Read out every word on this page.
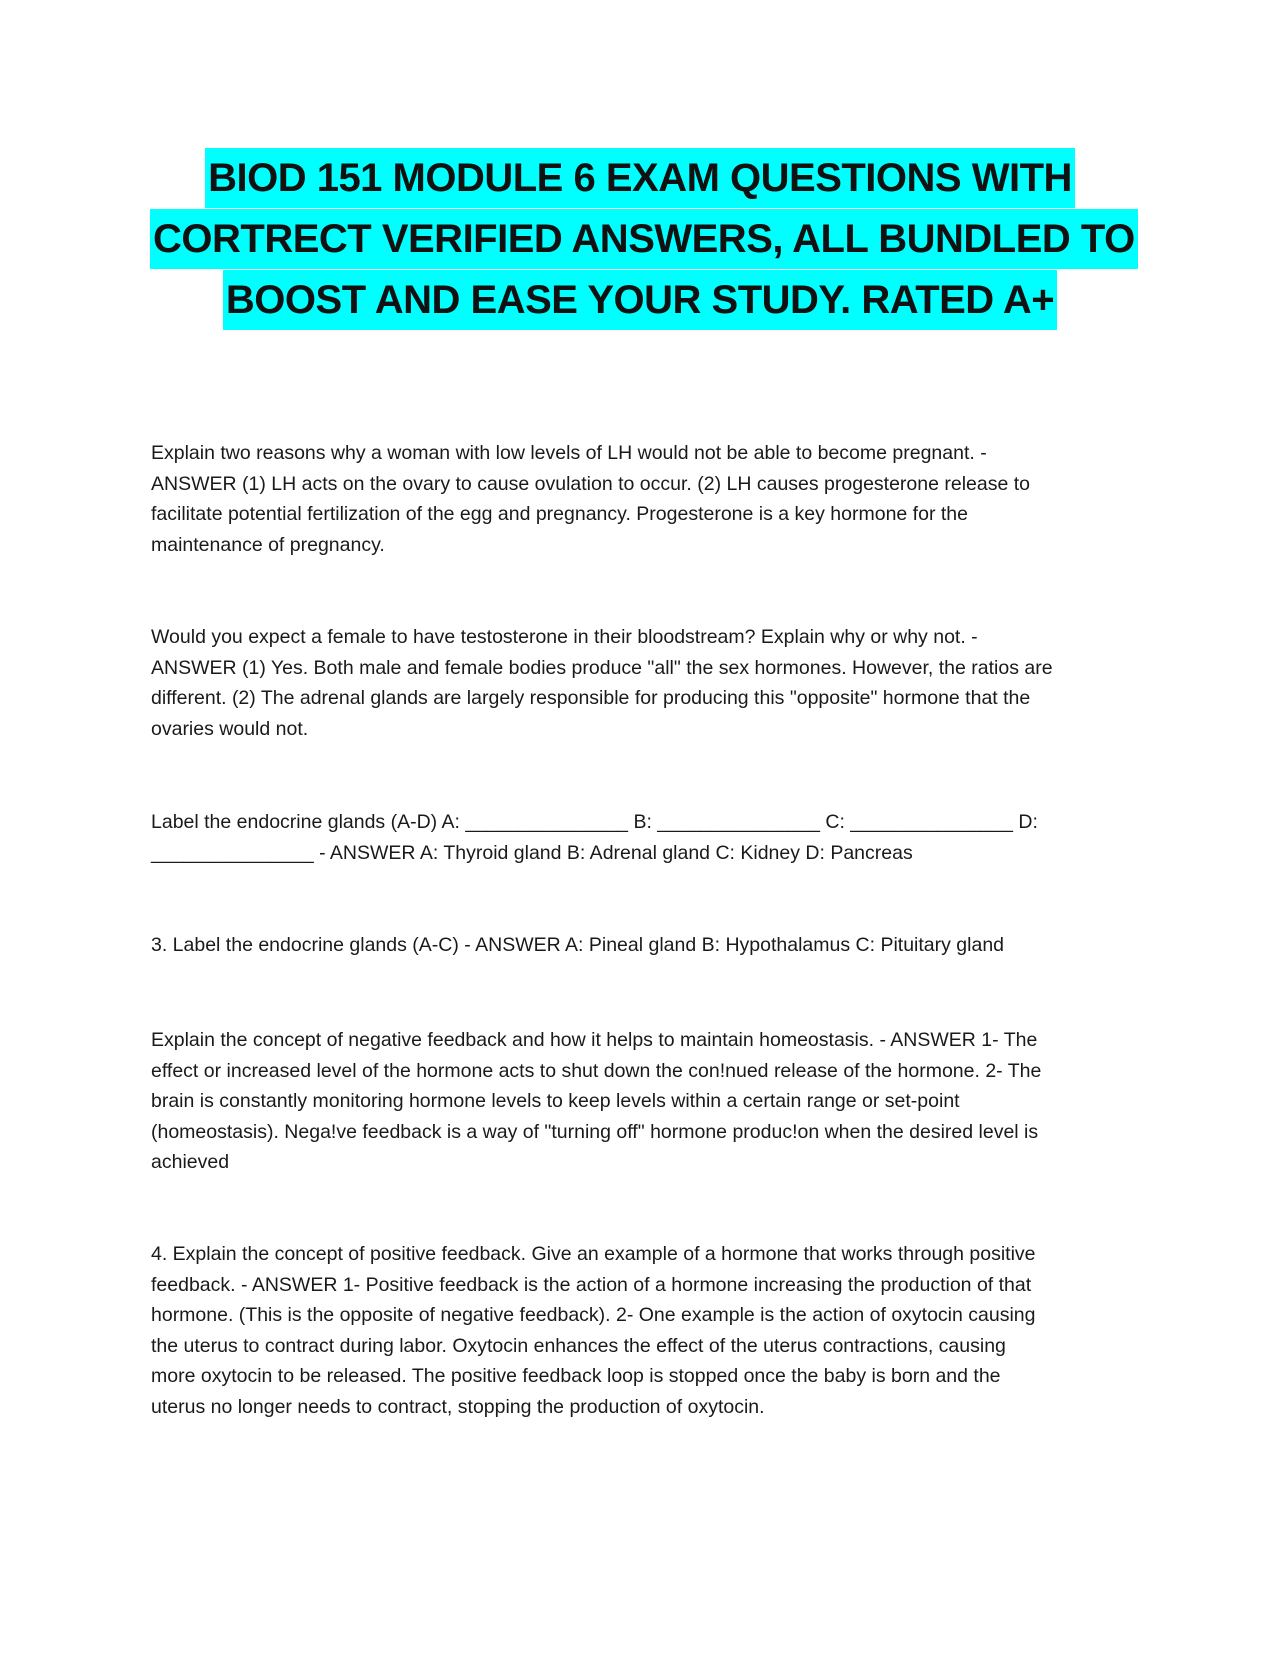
BIOD 151 MODULE 6 EXAM QUESTIONS WITH
CORTRECT VERIFIED ANSWERS, ALL BUNDLED TO
BOOST AND EASE YOUR STUDY. RATED A+
Explain two reasons why a woman with low levels of LH would not be able to become pregnant. -
ANSWER (1) LH acts on the ovary to cause ovulation to occur. (2) LH causes progesterone release to
facilitate potential fertilization of the egg and pregnancy. Progesterone is a key hormone for the
maintenance of pregnancy.
Would you expect a female to have testosterone in their bloodstream? Explain why or why not. -
ANSWER (1) Yes. Both male and female bodies produce "all" the sex hormones. However, the ratios are
different. (2) The adrenal glands are largely responsible for producing this "opposite" hormone that the
ovaries would not.
Label the endocrine glands (A-D) A: _______________ B: _______________ C: _______________ D:
_______________ - ANSWER A: Thyroid gland B: Adrenal gland C: Kidney D: Pancreas
3. Label the endocrine glands (A-C) - ANSWER A: Pineal gland B: Hypothalamus C: Pituitary gland
Explain the concept of negative feedback and how it helps to maintain homeostasis. - ANSWER 1- The
effect or increased level of the hormone acts to shut down the con!nued release of the hormone. 2- The
brain is constantly monitoring hormone levels to keep levels within a certain range or set-point
(homeostasis). Nega!ve feedback is a way of "turning off" hormone produc!on when the desired level is
achieved
4. Explain the concept of positive feedback. Give an example of a hormone that works through positive
feedback. - ANSWER 1- Positive feedback is the action of a hormone increasing the production of that
hormone. (This is the opposite of negative feedback). 2- One example is the action of oxytocin causing
the uterus to contract during labor. Oxytocin enhances the effect of the uterus contractions, causing
more oxytocin to be released. The positive feedback loop is stopped once the baby is born and the
uterus no longer needs to contract, stopping the production of oxytocin.
